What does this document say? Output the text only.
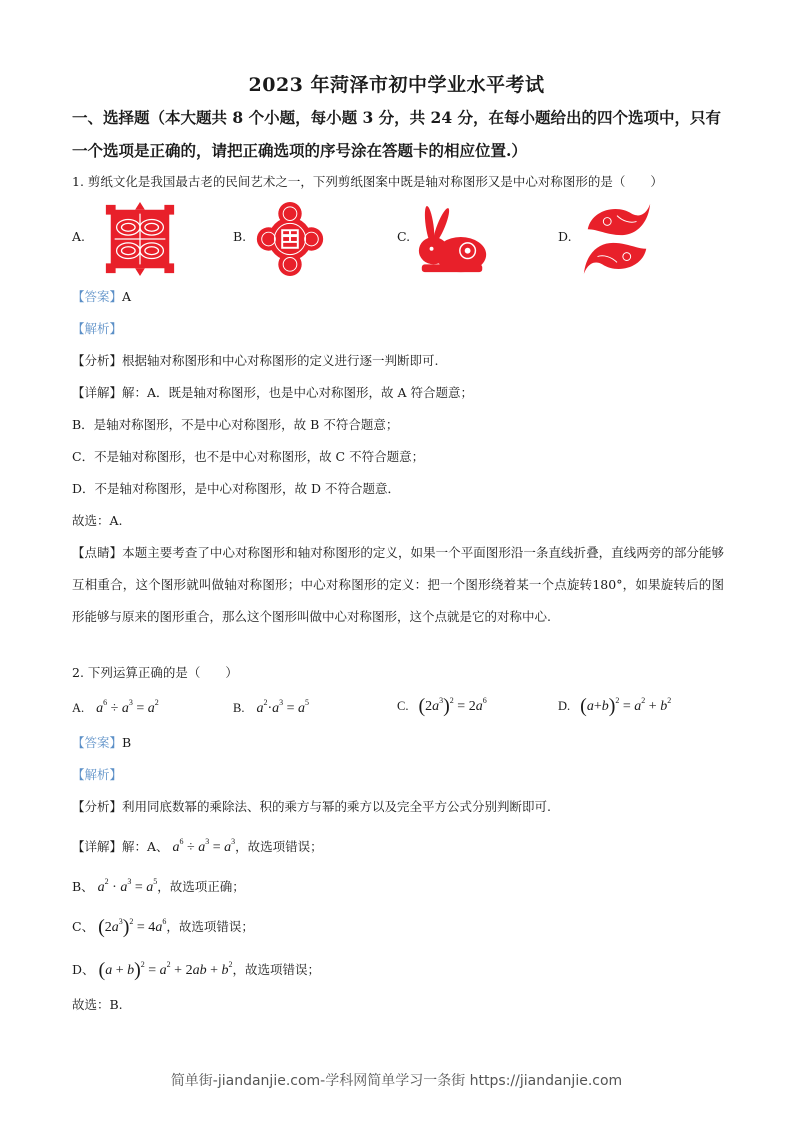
2023 年菏泽市初中学业水平考试
一、选择题（本大题共 8 个小题，每小题 3 分，共 24 分，在每小题给出的四个选项中，只有
一个选项是正确的，请把正确选项的序号涂在答题卡的相应位置.）
1. 剪纸文化是我国最古老的民间艺术之一，下列剪纸图案中既是轴对称图形又是中心对称图形的是（　　）
A.	B.	C.	D.
【答案】A
【解析】
【分析】根据轴对称图形和中心对称图形的定义进行逐一判断即可.
【详解】解：A．既是轴对称图形，也是中心对称图形，故 A 符合题意；
B．是轴对称图形，不是中心对称图形，故 B 不符合题意；
C．不是轴对称图形，也不是中心对称图形，故 C 不符合题意；
D．不是轴对称图形，是中心对称图形，故 D 不符合题意．
故选：A.
【点睛】本题主要考查了中心对称图形和轴对称图形的定义，如果一个平面图形沿一条直线折叠，直线两旁的部分能够互相重合，这个图形就叫做轴对称图形；中心对称图形的定义：把一个图形绕着某一个点旋转180°，如果旋转后的图形能够与原来的图形重合，那么这个图形叫做中心对称图形，这个点就是它的对称中心.
2. 下列运算正确的是（　　）
A. $a^6 \div a^3 = a^2$	B. $a^2\cdot a^3 = a^5$	C. $(2a^3)^2 = 2a^6$	D. $(a+b)^2 = a^2 + b^2$
【答案】B
【解析】
【分析】利用同底数幂的乘除法、积的乘方与幂的乘方以及完全平方公式分别判断即可.
【详解】解：A、 $a^6 \div a^3 = a^3$，故选项错误；
B、 $a^2 \cdot a^3 = a^5$，故选项正确；
C、 $(2a^3)^2 = 4a^6$，故选项错误；
D、 $(a + b)^2 = a^2 + 2ab + b^2$，故选项错误；
故选：B.
简单街-jiandanjie.com-学科网简单学习一条街 https://jiandanjie.com
